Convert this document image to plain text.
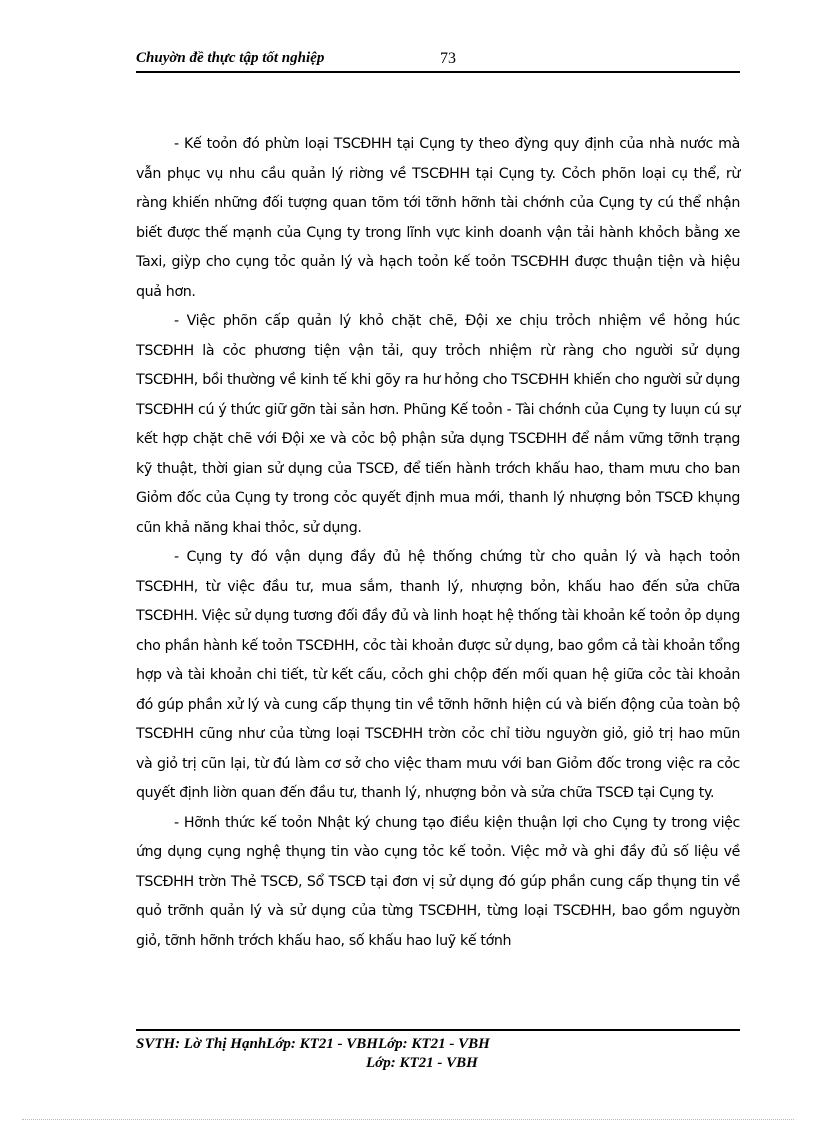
Chuyờn đề thực tập tốt nghiệp	73

- Kế toỏn đó phừn loại TSCĐHH tại Cụng ty theo đỳng quy định của nhà nước mà vẫn phục vụ nhu cầu quản lý riờng về TSCĐHH tại Cụng ty. Cỏch phõn loại cụ thể, rừ ràng khiến những đối tượng quan tõm tới tỡnh hỡnh tài chớnh của Cụng ty cú thể nhận biết được thế mạnh của Cụng ty trong lĩnh vực kinh doanh vận tải hành khỏch bằng xe Taxi, giỳp cho cụng tỏc quản lý và hạch toỏn kế toỏn TSCĐHH được thuận tiện và hiệu quả hơn.

- Việc phõn cấp quản lý khỏ chặt chẽ, Đội xe chịu trỏch nhiệm về hỏng húc TSCĐHH là cỏc phương tiện vận tải, quy trỏch nhiệm rừ ràng cho người sử dụng TSCĐHH, bồi thường về kinh tế khi gõy ra hư hỏng cho TSCĐHH khiến cho người sử dụng TSCĐHH cú ý thức giữ gỡn tài sản hơn. Phũng Kế toỏn - Tài chớnh của Cụng ty luụn cú sự kết hợp chặt chẽ với Đội xe và cỏc bộ phận sửa dụng TSCĐHH để nắm vững tỡnh trạng kỹ thuật, thời gian sử dụng của TSCĐ, để tiến hành trớch khấu hao, tham mưu cho ban Giỏm đốc của Cụng ty trong cỏc quyết định mua mới, thanh lý nhượng bỏn TSCĐ khụng cũn khả năng khai thỏc, sử dụng.

- Cụng ty đó vận dụng đầy đủ hệ thống chứng từ cho quản lý và hạch toỏn TSCĐHH, từ việc đầu tư, mua sắm, thanh lý, nhượng bỏn, khấu hao đến sửa chữa TSCĐHH. Việc sử dụng tương đối đầy đủ và linh hoạt hệ thống tài khoản kế toỏn ỏp dụng cho phần hành kế toỏn TSCĐHH, cỏc tài khoản được sử dụng, bao gồm cả tài khoản tổng hợp và tài khoản chi tiết, từ kết cấu, cỏch ghi chộp đến mối quan hệ giữa cỏc tài khoản đó gúp phần xử lý và cung cấp thụng tin về tỡnh hỡnh hiện cú và biến động của toàn bộ TSCĐHH cũng như của từng loại TSCĐHH trờn cỏc chỉ tiờu nguyờn giỏ, giỏ trị hao mũn và giỏ trị cũn lại, từ đú làm cơ sở cho việc tham mưu với ban Giỏm đốc trong việc ra cỏc quyết định liờn quan đến đầu tư, thanh lý, nhượng bỏn và sửa chữa TSCĐ tại Cụng ty.

- Hỡnh thức kế toỏn Nhật ký chung tạo điều kiện thuận lợi cho Cụng ty trong việc ứng dụng cụng nghệ thụng tin vào cụng tỏc kế toỏn. Việc mở và ghi đầy đủ số liệu về TSCĐHH trờn Thẻ TSCĐ, Sổ TSCĐ tại đơn vị sử dụng đó gúp phần cung cấp thụng tin về quỏ trỡnh quản lý và sử dụng của từng TSCĐHH, từng loại TSCĐHH, bao gồm nguyờn giỏ, tỡnh hỡnh trớch khấu hao, số khấu hao luỹ kế tớnh

SVTH: Lờ Thị HạnhLớp: KT21 - VBHLớp: KT21 - VBH
Lớp: KT21 - VBH
